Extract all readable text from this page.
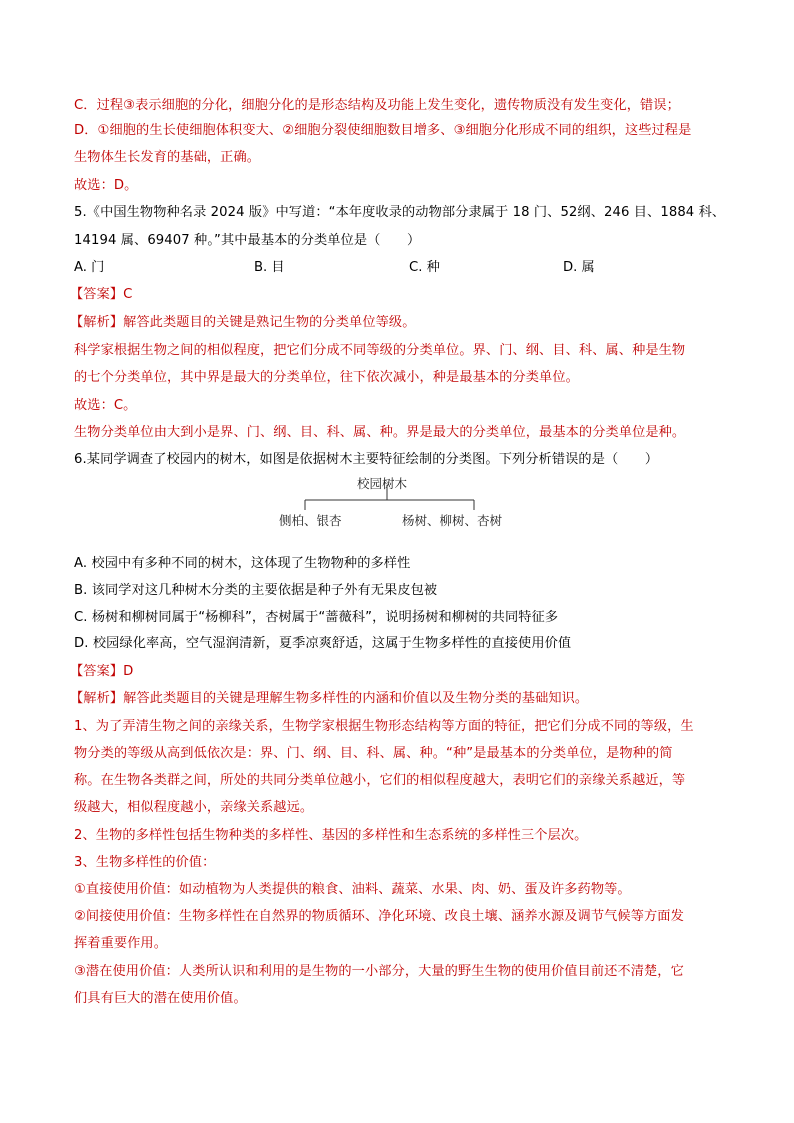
C．过程③表示细胞的分化，细胞分化的是形态结构及功能上发生变化，遗传物质没有发生变化，错误；
D．①细胞的生长使细胞体积变大、②细胞分裂使细胞数目增多、③细胞分化形成不同的组织，这些过程是
生物体生长发育的基础，正确。
故选：D。
5.《中国生物物种名录 2024 版》中写道：“本年度收录的动物部分隶属于 18 门、52纲、246 目、1884 科、
14194 属、69407 种。”其中最基本的分类单位是（　　）
A. 门	B. 目	C. 种	D. 属
【答案】C
【解析】解答此类题目的关键是熟记生物的分类单位等级。
科学家根据生物之间的相似程度，把它们分成不同等级的分类单位。界、门、纲、目、科、属、种是生物
的七个分类单位，其中界是最大的分类单位，往下依次减小，种是最基本的分类单位。
故选：C。
生物分类单位由大到小是界、门、纲、目、科、属、种。界是最大的分类单位，最基本的分类单位是种。
6.某同学调查了校园内的树木，如图是依据树木主要特征绘制的分类图。下列分析错误的是（　　）
校园树木
侧柏、银杏	杨树、柳树、杏树
A. 校园中有多种不同的树木，这体现了生物物种的多样性
B. 该同学对这几种树木分类的主要依据是种子外有无果皮包被
C. 杨树和柳树同属于“杨柳科”，杏树属于“蔷薇科”，说明扬树和柳树的共同特征多
D. 校园绿化率高，空气湿润清新，夏季凉爽舒适，这属于生物多样性的直接使用价值
【答案】D
【解析】解答此类题目的关键是理解生物多样性的内涵和价值以及生物分类的基础知识。
1、为了弄清生物之间的亲缘关系，生物学家根据生物形态结构等方面的特征，把它们分成不同的等级，生
物分类的等级从高到低依次是：界、门、纲、目、科、属、种。“种”是最基本的分类单位，是物种的简
称。在生物各类群之间，所处的共同分类单位越小，它们的相似程度越大，表明它们的亲缘关系越近，等
级越大，相似程度越小，亲缘关系越远。
2、生物的多样性包括生物种类的多样性、基因的多样性和生态系统的多样性三个层次。
3、生物多样性的价值：
①直接使用价值：如动植物为人类提供的粮食、油料、蔬菜、水果、肉、奶、蛋及许多药物等。
②间接使用价值：生物多样性在自然界的物质循环、净化环境、改良土壤、涵养水源及调节气候等方面发
挥着重要作用。
③潜在使用价值：人类所认识和利用的是生物的一小部分，大量的野生生物的使用价值目前还不清楚，它
们具有巨大的潜在使用价值。
